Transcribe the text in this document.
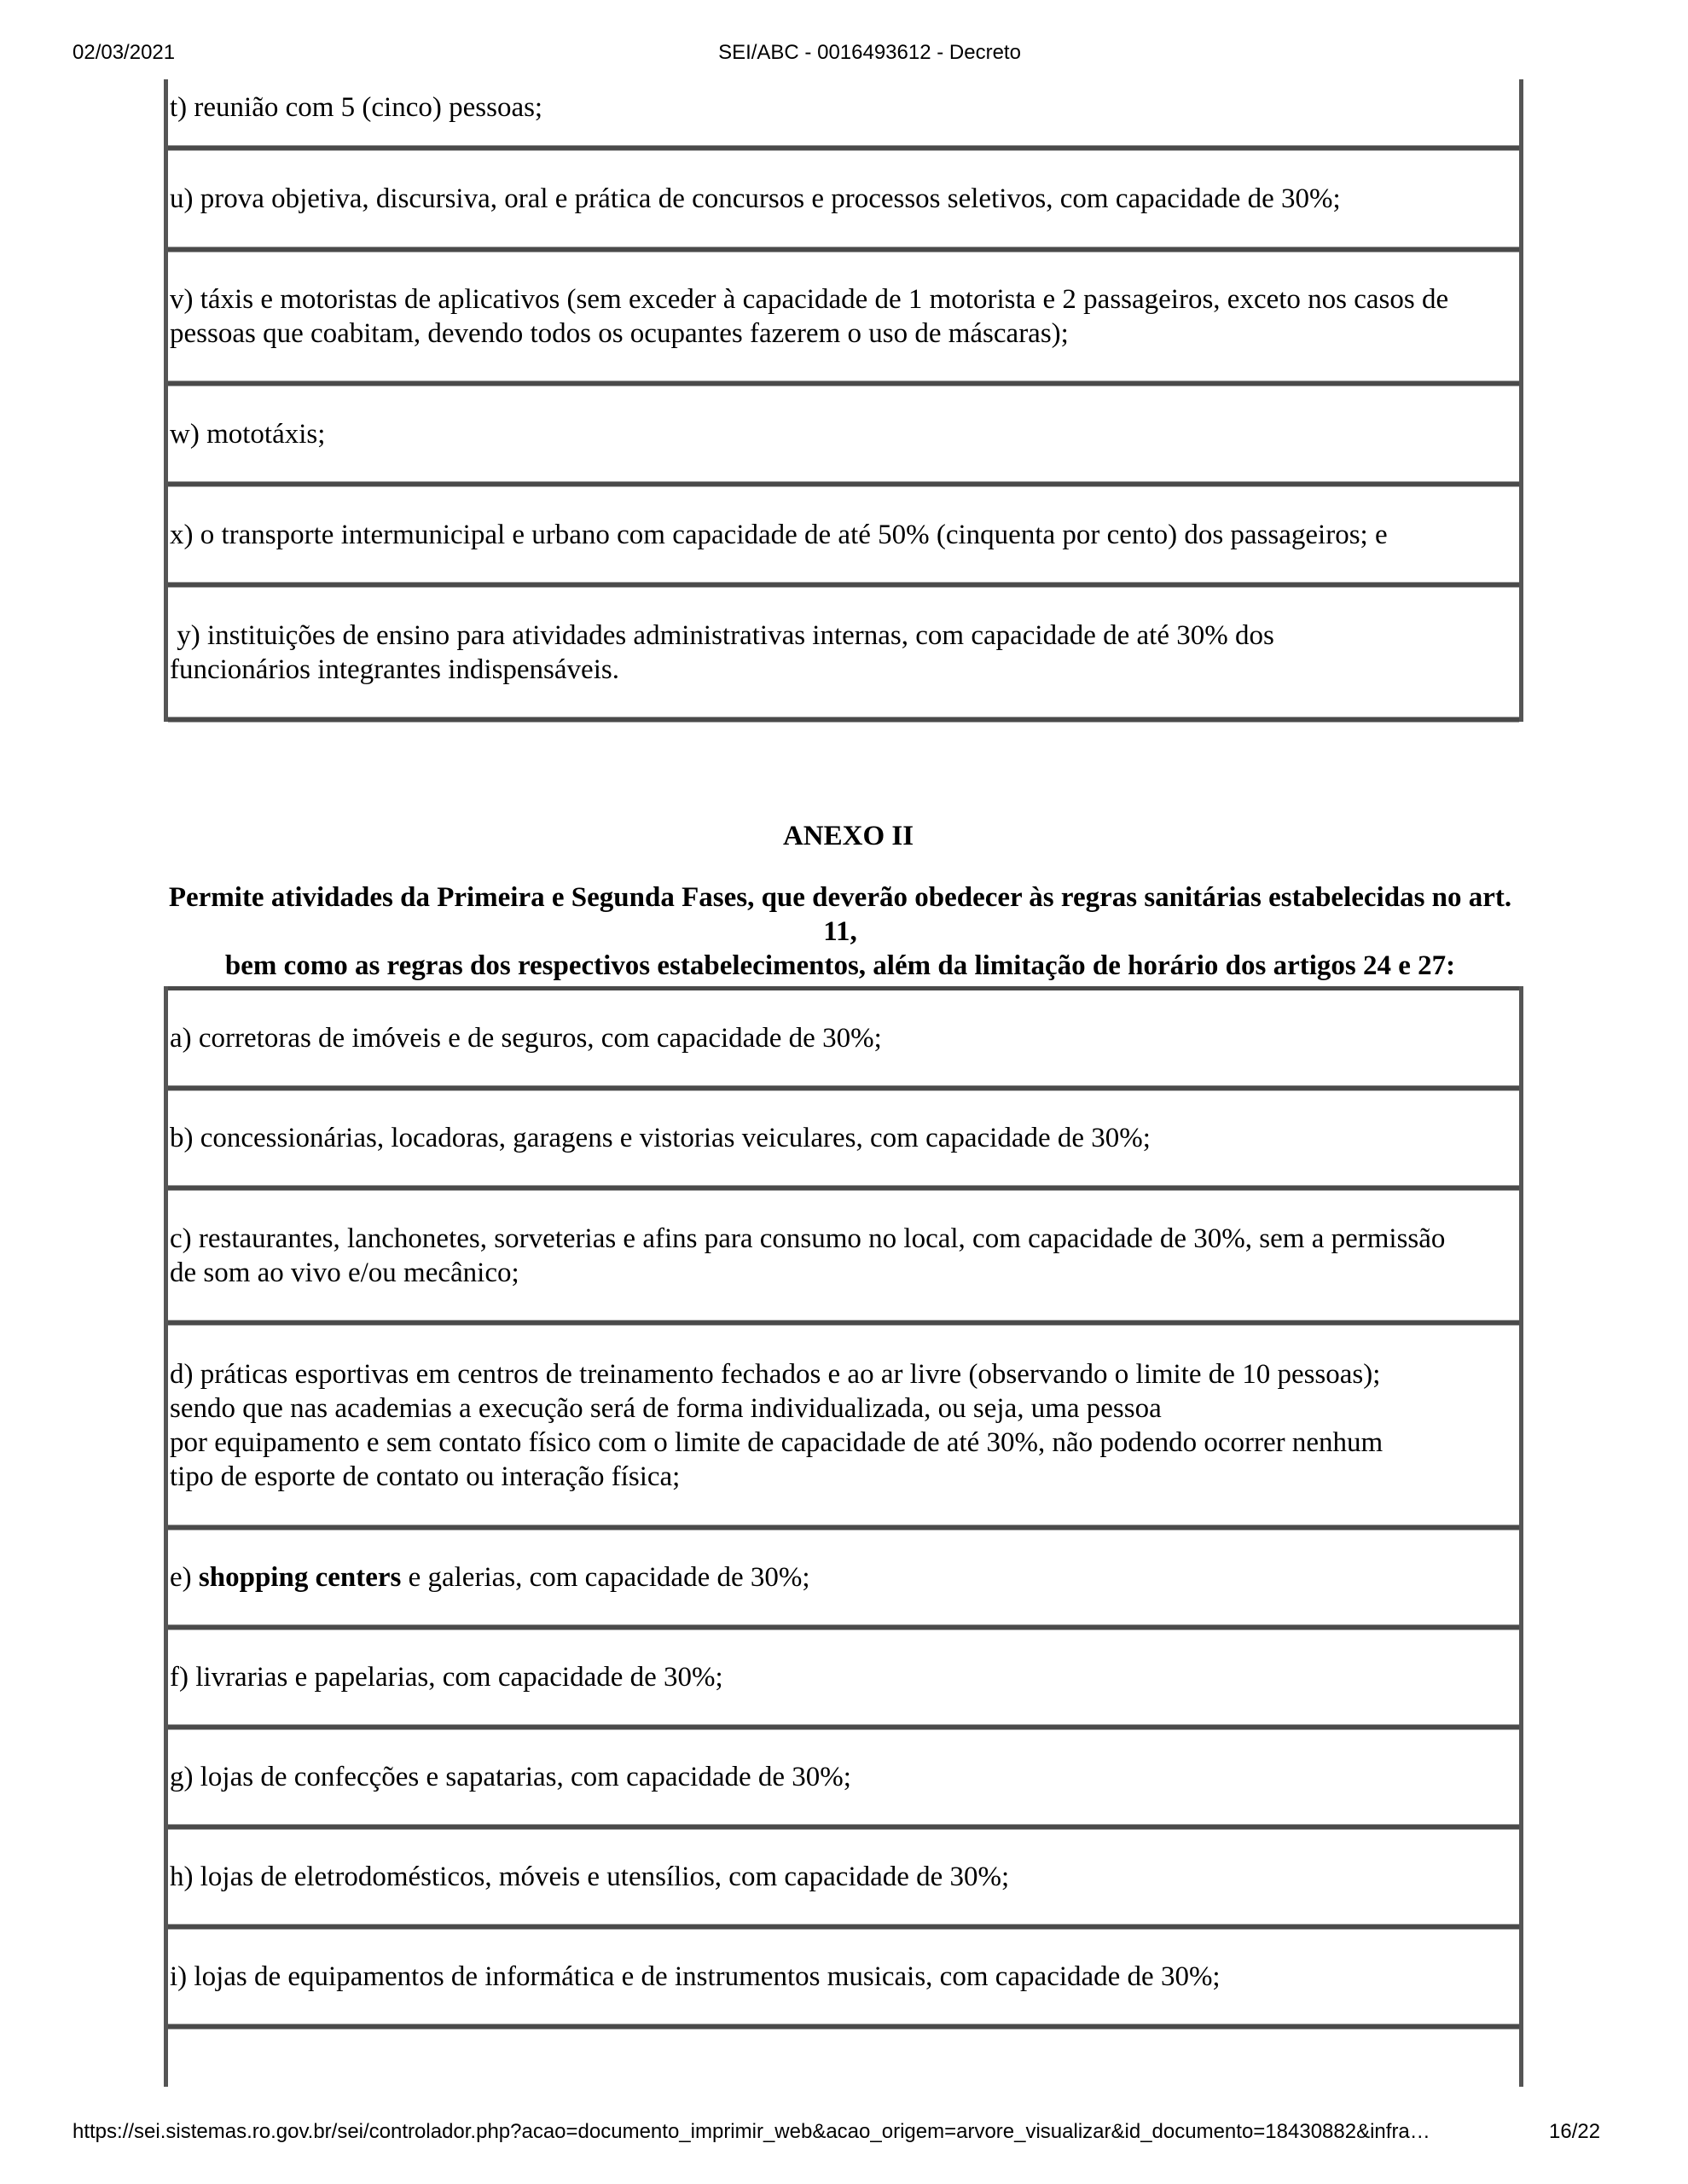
02/03/2021	SEI/ABC - 0016493612 - Decreto
t) reunião com 5 (cinco) pessoas;
u) prova objetiva, discursiva, oral e prática de concursos e processos seletivos, com capacidade de 30%;
v) táxis e motoristas de aplicativos (sem exceder à capacidade de 1 motorista e 2 passageiros, exceto nos casos de pessoas que coabitam, devendo todos os ocupantes fazerem o uso de máscaras);
w) mototáxis;
x) o transporte intermunicipal e urbano com capacidade de até 50% (cinquenta por cento) dos passageiros; e
y) instituições de ensino para atividades administrativas internas, com capacidade de até 30% dos funcionários integrantes indispensáveis.
ANEXO II
Permite atividades da Primeira e Segunda Fases, que deverão obedecer às regras sanitárias estabelecidas no art. 11,
bem como as regras dos respectivos estabelecimentos, além da limitação de horário dos artigos 24 e 27:
a) corretoras de imóveis e de seguros, com capacidade de 30%;
b) concessionárias, locadoras, garagens e vistorias veiculares, com capacidade de 30%;
c) restaurantes, lanchonetes, sorveterias e afins para consumo no local, com capacidade de 30%, sem a permissão de som ao vivo e/ou mecânico;
d) práticas esportivas em centros de treinamento fechados e ao ar livre (observando o limite de 10 pessoas);
sendo que nas academias a execução será de forma individualizada, ou seja, uma pessoa
por equipamento e sem contato físico com o limite de capacidade de até 30%, não podendo ocorrer nenhum
tipo de esporte de contato ou interação física;
e) shopping centers e galerias, com capacidade de 30%;
f) livrarias e papelarias, com capacidade de 30%;
g) lojas de confecções e sapatarias, com capacidade de 30%;
h) lojas de eletrodomésticos, móveis e utensílios, com capacidade de 30%;
i) lojas de equipamentos de informática e de instrumentos musicais, com capacidade de 30%;
https://sei.sistemas.ro.gov.br/sei/controlador.php?acao=documento_imprimir_web&acao_origem=arvore_visualizar&id_documento=18430882&infra…	16/22
